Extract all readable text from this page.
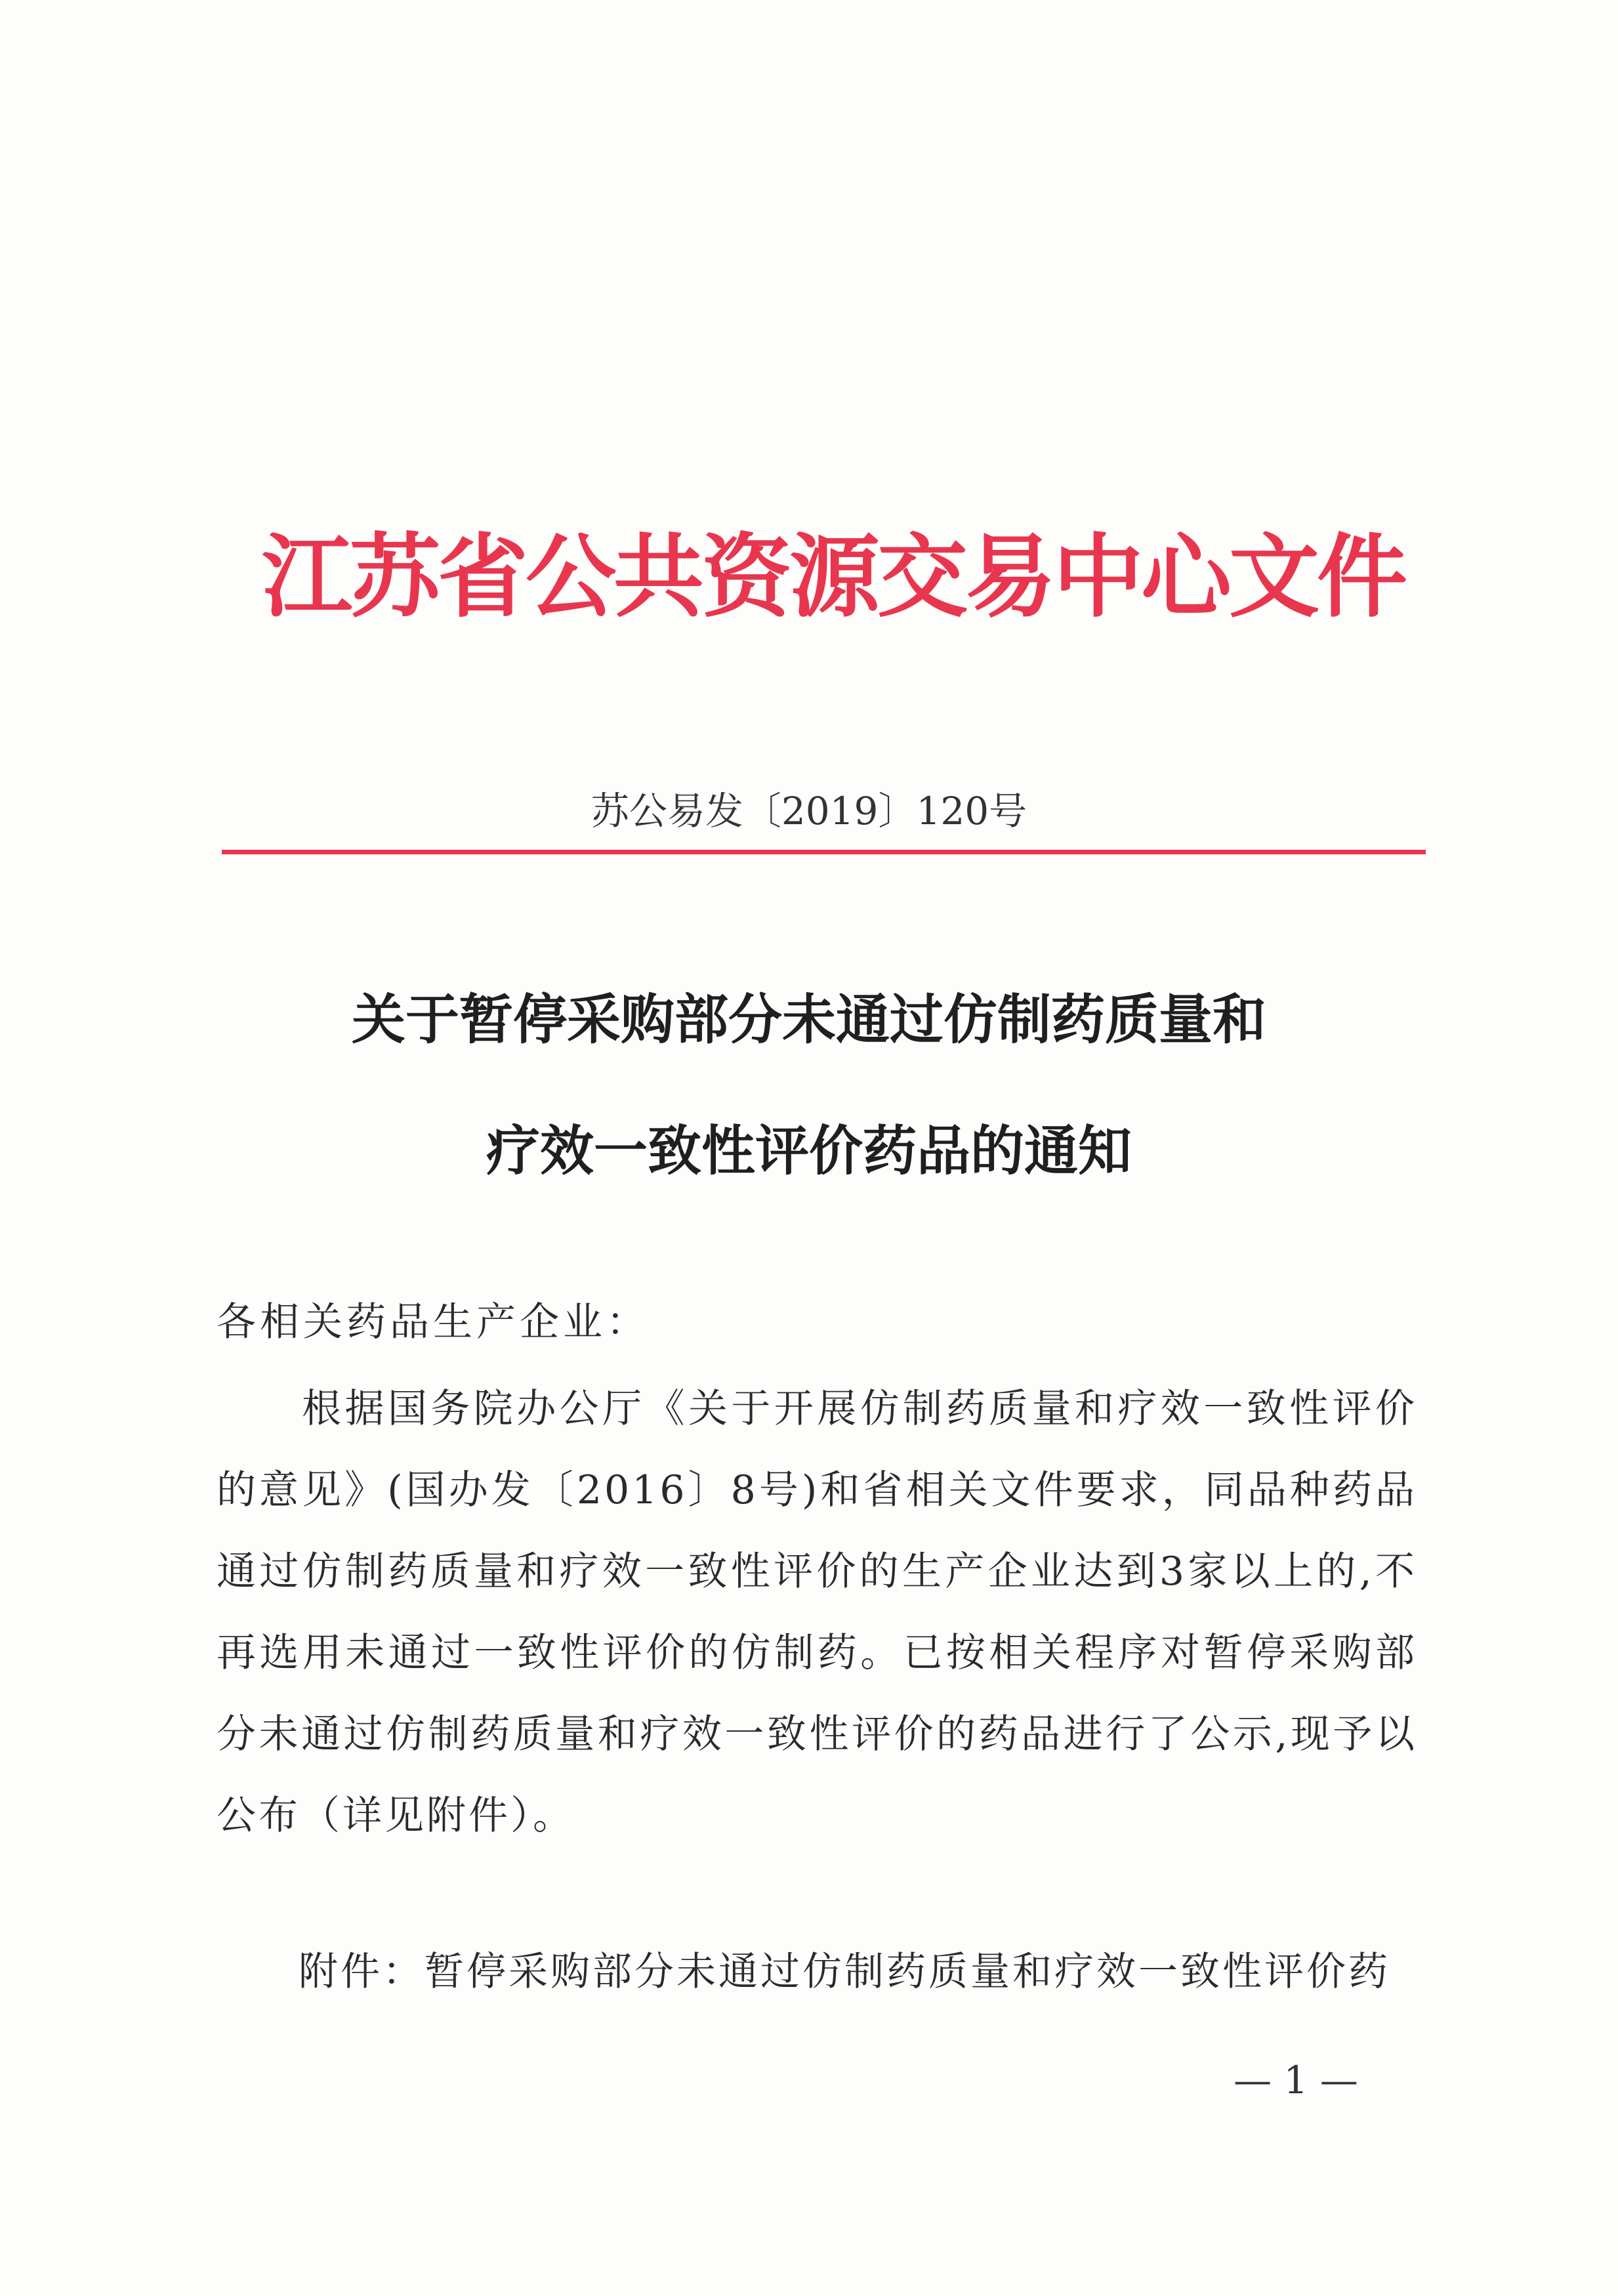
江苏省公共资源交易中心文件
苏公易发〔2019〕120号
关于暂停采购部分未通过仿制药质量和
疗效一致性评价药品的通知
各相关药品生产企业：
根据国务院办公厅《关于开展仿制药质量和疗效一致性评价的意见》(国办发〔2016〕8号)和省相关文件要求，同品种药品通过仿制药质量和疗效一致性评价的生产企业达到3家以上的,不再选用未通过一致性评价的仿制药。已按相关程序对暂停采购部分未通过仿制药质量和疗效一致性评价的药品进行了公示,现予以公布（详见附件）。
附件：暂停采购部分未通过仿制药质量和疗效一致性评价药
— 1 —
